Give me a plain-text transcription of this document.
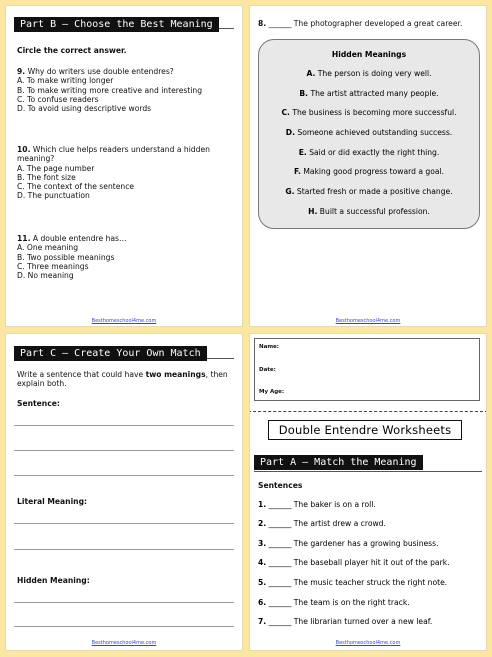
Part B – Choose the Best Meaning
Circle the correct answer.
9. Why do writers use double entendres?
A. To make writing longer
B. To make writing more creative and interesting
C. To confuse readers
D. To avoid using descriptive words
10. Which clue helps readers understand a hidden
meaning?
A. The page number
B. The font size
C. The context of the sentence
D. The punctuation
11. A double entendre has…
A. One meaning
B. Two possible meanings
C. Three meanings
D. No meaning
Besthomeschool4me.com
8. ______ The photographer developed a great career.
Hidden Meanings
A. The person is doing very well.
B. The artist attracted many people.
C. The business is becoming more successful.
D. Someone achieved outstanding success.
E. Said or did exactly the right thing.
F. Making good progress toward a goal.
G. Started fresh or made a positive change.
H. Built a successful profession.
Besthomeschool4me.com
Part C – Create Your Own Match
Write a sentence that could have two meanings, then
explain both.
Sentence:
Literal Meaning:
Hidden Meaning:
Besthomeschool4me.com
Name:
Date:
My Age:
Double Entendre Worksheets
Part A – Match the Meaning
Sentences
1. ______ The baker is on a roll.
2. ______ The artist drew a crowd.
3. ______ The gardener has a growing business.
4. ______ The baseball player hit it out of the park.
5. ______ The music teacher struck the right note.
6. ______ The team is on the right track.
7. ______ The librarian turned over a new leaf.
Besthomeschool4me.com
